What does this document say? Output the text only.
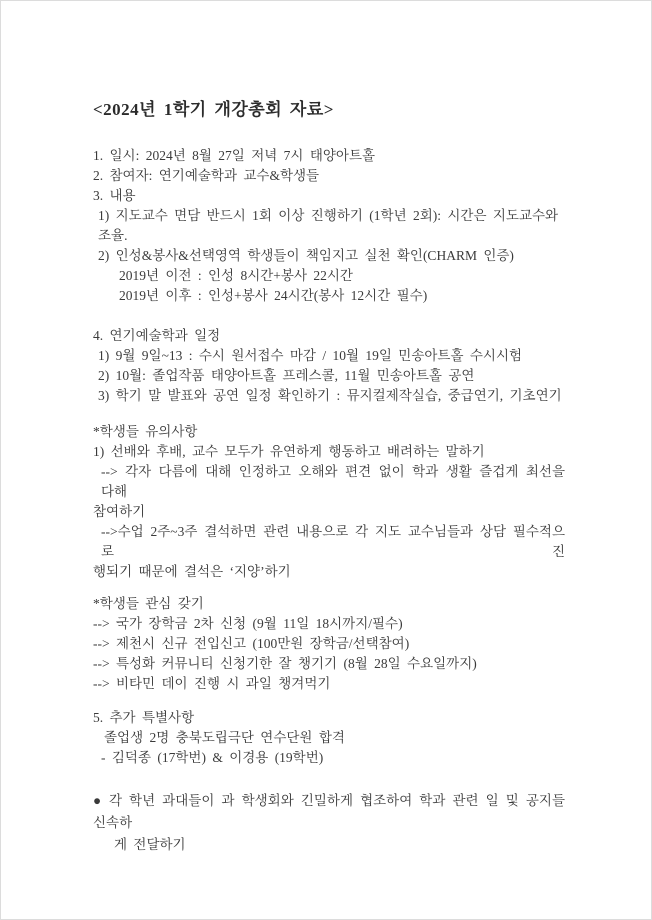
<2024년 1학기 개강총회 자료>
1. 일시: 2024년 8월 27일 저녁 7시 태양아트홀
2. 참여자: 연기예술학과 교수&학생들
3. 내용
1) 지도교수 면담 반드시 1회 이상 진행하기 (1학년 2회): 시간은 지도교수와 조율.
2) 인성&봉사&선택영역 학생들이 책임지고 실천 확인(CHARM 인증)
2019년 이전 : 인성 8시간+봉사 22시간
2019년 이후 : 인성+봉사 24시간(봉사 12시간 필수)
4. 연기예술학과 일정
1) 9월 9일~13 : 수시 원서접수 마감 / 10월 19일 민송아트홀 수시시험
2) 10월: 졸업작품 태양아트홀 프레스콜, 11월 민송아트홀 공연
3) 학기 말 발표와 공연 일정 확인하기 : 뮤지컬제작실습, 중급연기, 기초연기
*학생들 유의사항
1) 선배와 후배, 교수 모두가 유연하게 행동하고 배려하는 말하기
--> 각자 다름에 대해 인정하고 오해와 편견 없이 학과 생활 즐겁게 최선을 다해
참여하기
-->수업 2주~3주 결석하면 관련 내용으로 각 지도 교수님들과 상담 필수적으로 진
행되기 때문에 결석은 ‘지양’하기
*학생들 관심 갖기
--> 국가 장학금 2차 신청 (9월 11일 18시까지/필수)
--> 제천시 신규 전입신고 (100만원 장학금/선택참여)
--> 특성화 커뮤니티 신청기한 잘 챙기기 (8월 28일 수요일까지)
--> 비타민 데이 진행 시 과일 챙겨먹기
5. 추가 특별사항
졸업생 2명 충북도립극단 연수단원 합격
- 김덕종 (17학번) & 이경용 (19학번)
● 각 학년 과대들이 과 학생회와 긴밀하게 협조하여 학과 관련 일 및 공지들 신속하
게 전달하기
